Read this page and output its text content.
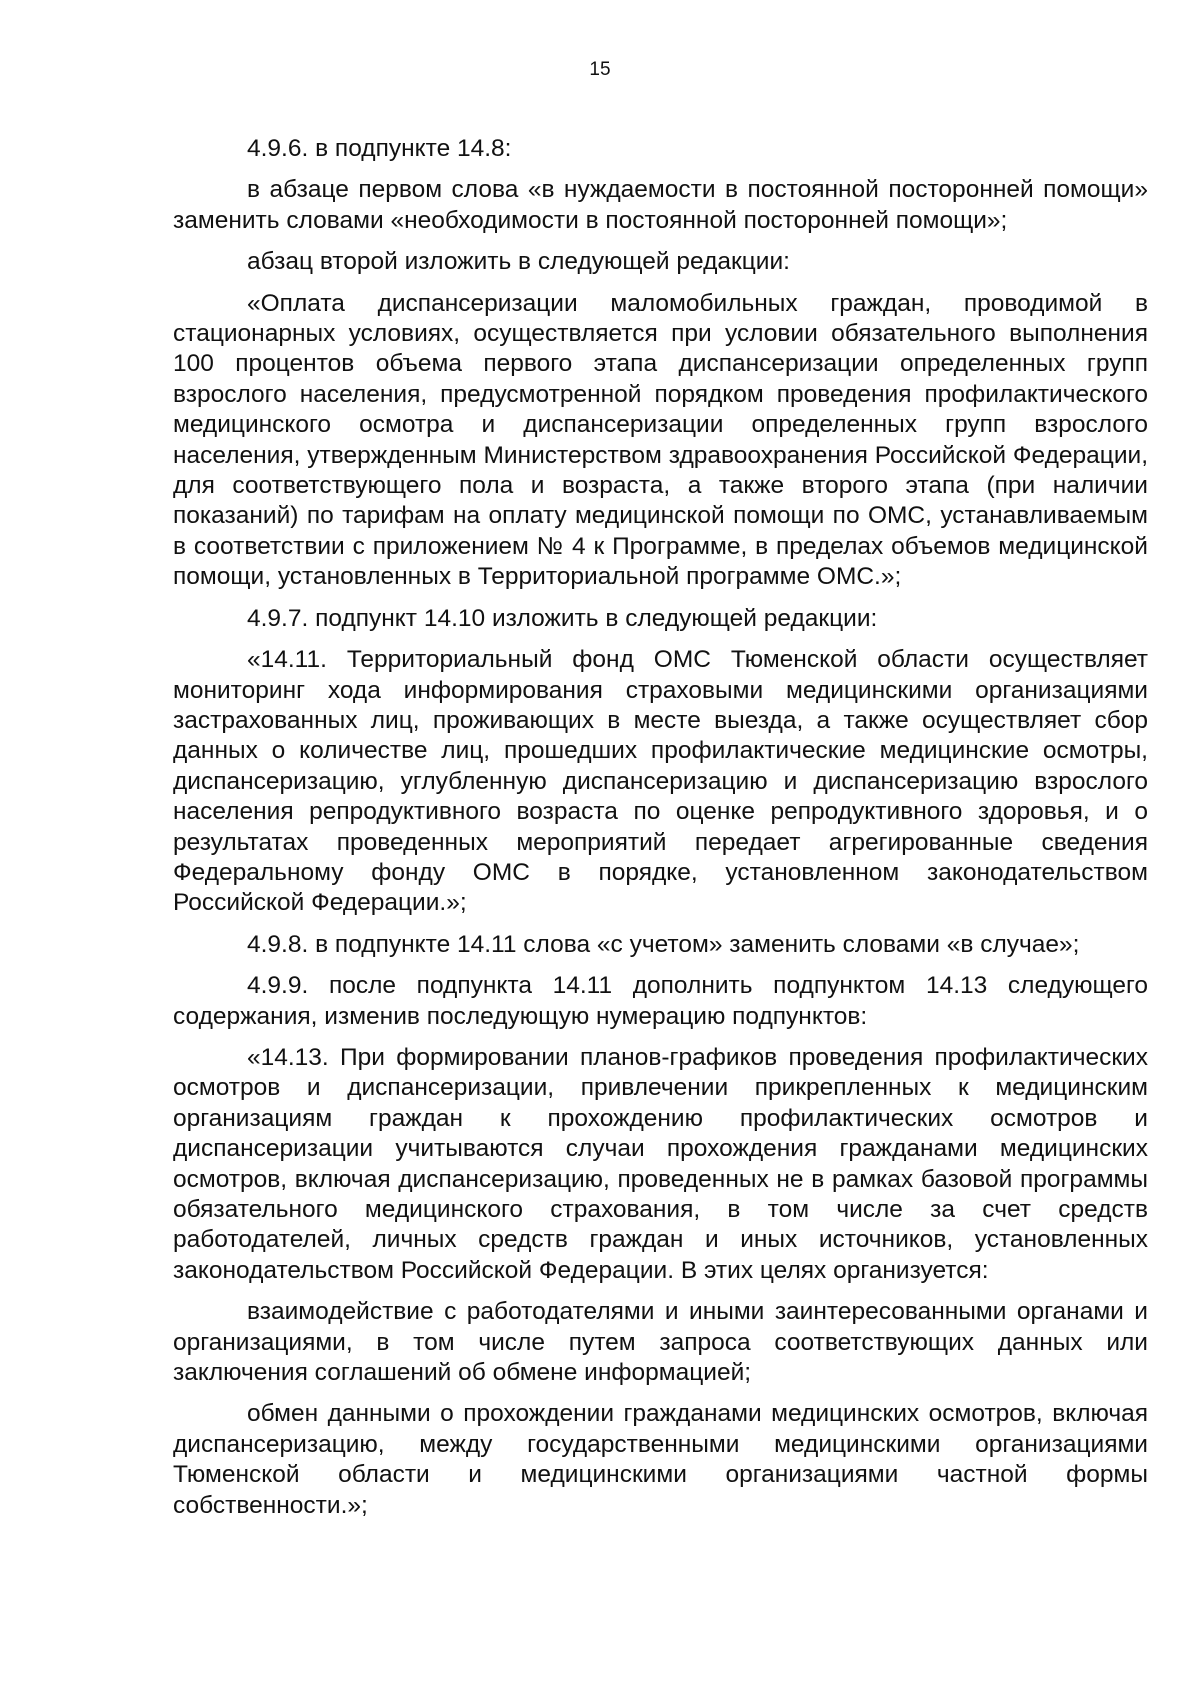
15

4.9.6. в подпункте 14.8:

в абзаце первом слова «в нуждаемости в постоянной посторонней помощи» заменить словами «необходимости в постоянной посторонней помощи»;

абзац второй изложить в следующей редакции:

«Оплата диспансеризации маломобильных граждан, проводимой в стационарных условиях, осуществляется при условии обязательного выполнения 100 процентов объема первого этапа диспансеризации определенных групп взрослого населения, предусмотренной порядком проведения профилактического медицинского осмотра и диспансеризации определенных групп взрослого населения, утвержденным Министерством здравоохранения Российской Федерации, для соответствующего пола и возраста, а также второго этапа (при наличии показаний) по тарифам на оплату медицинской помощи по ОМС, устанавливаемым в соответствии с приложением № 4 к Программе, в пределах объемов медицинской помощи, установленных в Территориальной программе ОМС.»;

4.9.7. подпункт 14.10 изложить в следующей редакции:

«14.11. Территориальный фонд ОМС Тюменской области осуществляет мониторинг хода информирования страховыми медицинскими организациями застрахованных лиц, проживающих в месте выезда, а также осуществляет сбор данных о количестве лиц, прошедших профилактические медицинские осмотры, диспансеризацию, углубленную диспансеризацию и диспансеризацию взрослого населения репродуктивного возраста по оценке репродуктивного здоровья, и о результатах проведенных мероприятий передает агрегированные сведения Федеральному фонду ОМС в порядке, установленном законодательством Российской Федерации.»;

4.9.8. в подпункте 14.11 слова «с учетом» заменить словами «в случае»;

4.9.9. после подпункта 14.11 дополнить подпунктом 14.13 следующего содержания, изменив последующую нумерацию подпунктов:

«14.13. При формировании планов-графиков проведения профилактических осмотров и диспансеризации, привлечении прикрепленных к медицинским организациям граждан к прохождению профилактических осмотров и диспансеризации учитываются случаи прохождения гражданами медицинских осмотров, включая диспансеризацию, проведенных не в рамках базовой программы обязательного медицинского страхования, в том числе за счет средств работодателей, личных средств граждан и иных источников, установленных законодательством Российской Федерации. В этих целях организуется:

взаимодействие с работодателями и иными заинтересованными органами и организациями, в том числе путем запроса соответствующих данных или заключения соглашений об обмене информацией;

обмен данными о прохождении гражданами медицинских осмотров, включая диспансеризацию, между государственными медицинскими организациями Тюменской области и медицинскими организациями частной формы собственности.»;
